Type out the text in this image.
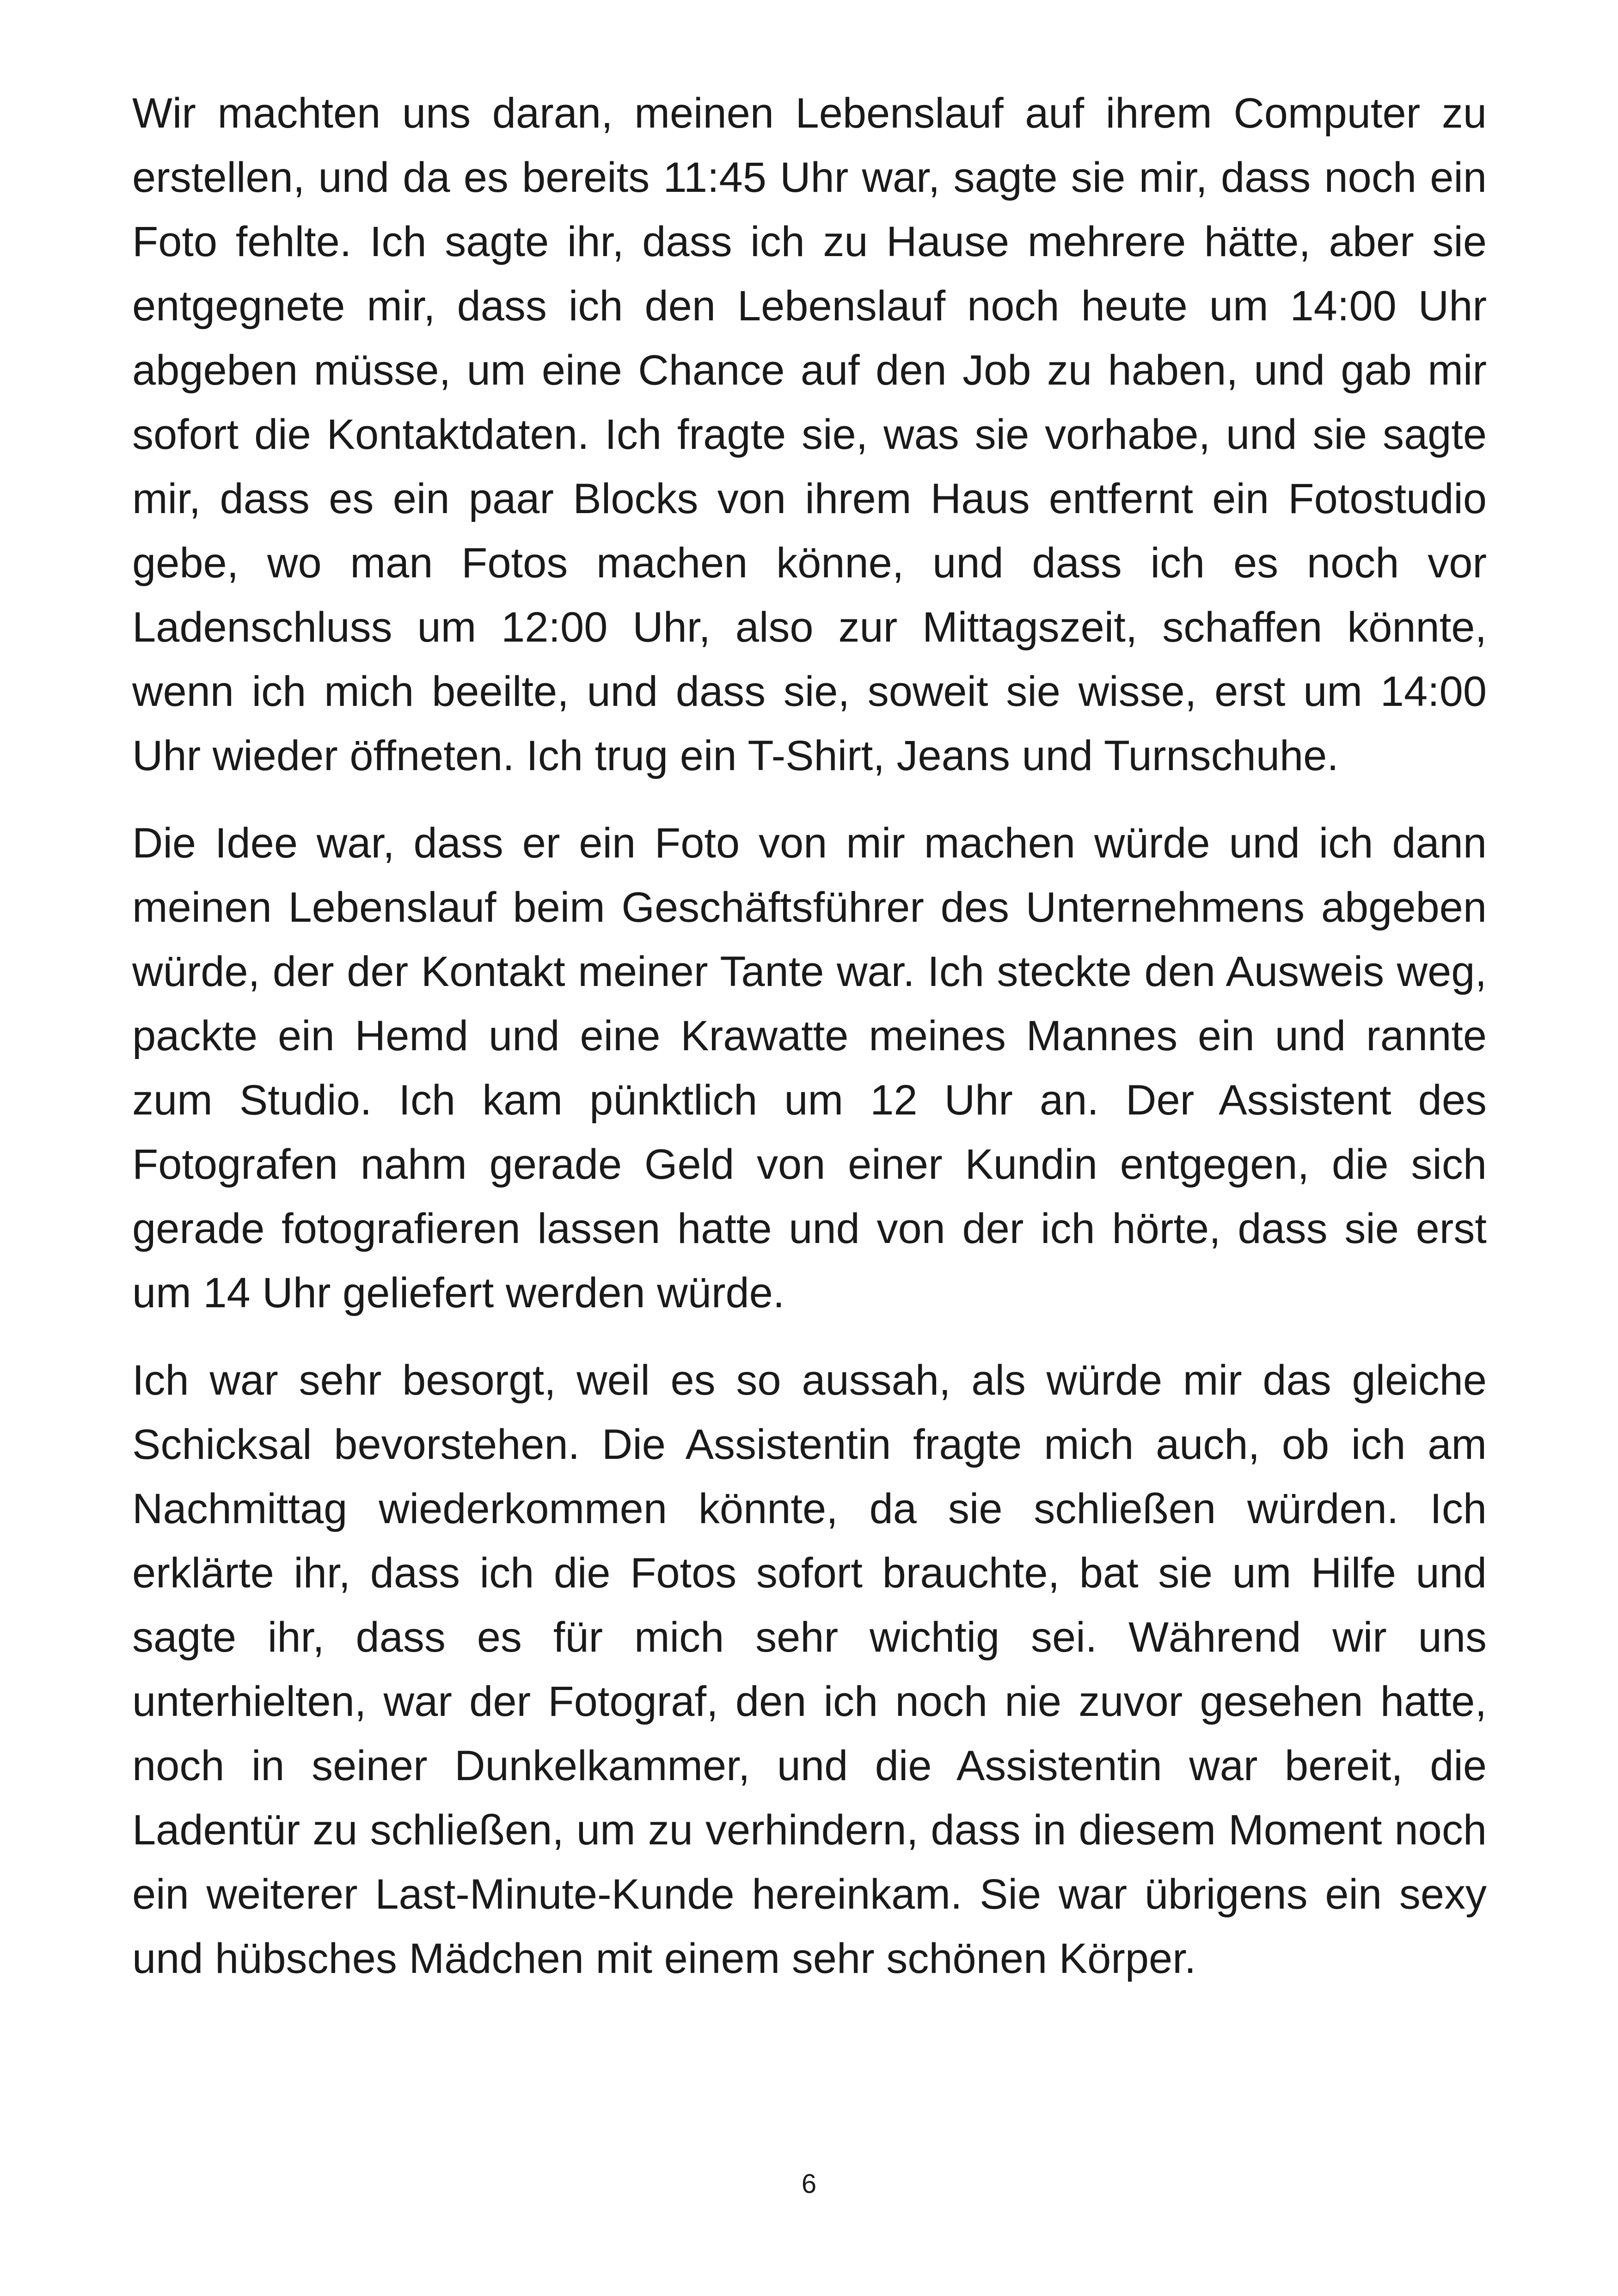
Wir machten uns daran, meinen Lebenslauf auf ihrem Computer zu erstellen, und da es bereits 11:45 Uhr war, sagte sie mir, dass noch ein Foto fehlte. Ich sagte ihr, dass ich zu Hause mehrere hätte, aber sie entgegnete mir, dass ich den Lebenslauf noch heute um 14:00 Uhr abgeben müsse, um eine Chance auf den Job zu haben, und gab mir sofort die Kontaktdaten. Ich fragte sie, was sie vorhabe, und sie sagte mir, dass es ein paar Blocks von ihrem Haus entfernt ein Fotostudio gebe, wo man Fotos machen könne, und dass ich es noch vor Ladenschluss um 12:00 Uhr, also zur Mittagszeit, schaffen könnte, wenn ich mich beeilte, und dass sie, soweit sie wisse, erst um 14:00 Uhr wieder öffneten. Ich trug ein T-Shirt, Jeans und Turnschuhe.

Die Idee war, dass er ein Foto von mir machen würde und ich dann meinen Lebenslauf beim Geschäftsführer des Unternehmens abgeben würde, der der Kontakt meiner Tante war. Ich steckte den Ausweis weg, packte ein Hemd und eine Krawatte meines Mannes ein und rannte zum Studio. Ich kam pünktlich um 12 Uhr an. Der Assistent des Fotografen nahm gerade Geld von einer Kundin entgegen, die sich gerade fotografieren lassen hatte und von der ich hörte, dass sie erst um 14 Uhr geliefert werden würde.

Ich war sehr besorgt, weil es so aussah, als würde mir das gleiche Schicksal bevorstehen. Die Assistentin fragte mich auch, ob ich am Nachmittag wiederkommen könnte, da sie schließen würden. Ich erklärte ihr, dass ich die Fotos sofort brauchte, bat sie um Hilfe und sagte ihr, dass es für mich sehr wichtig sei. Während wir uns unterhielten, war der Fotograf, den ich noch nie zuvor gesehen hatte, noch in seiner Dunkelkammer, und die Assistentin war bereit, die Ladentür zu schließen, um zu verhindern, dass in diesem Moment noch ein weiterer Last-Minute-Kunde hereinkam. Sie war übrigens ein sexy und hübsches Mädchen mit einem sehr schönen Körper.

6
